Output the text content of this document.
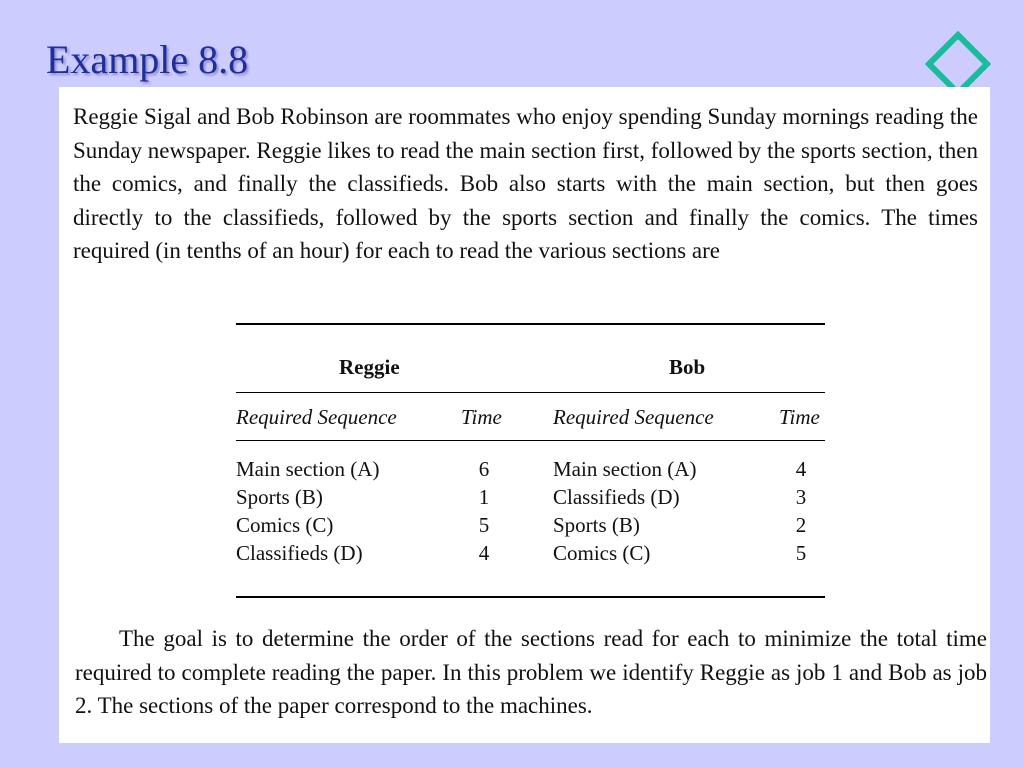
Example 8.8

Reggie Sigal and Bob Robinson are roommates who enjoy spending Sunday mornings reading the Sunday newspaper. Reggie likes to read the main section first, followed by the sports section, then the comics, and finally the classifieds. Bob also starts with the main section, but then goes directly to the classifieds, followed by the sports section and finally the comics. The times required (in tenths of an hour) for each to read the various sections are

Reggie	Bob
Required Sequence	Time Required Sequence	Time
Main section (A)	6	Main section (A)	4
Sports (B)	1	Classifieds (D)	3
Comics (C)	5	Sports (B)	2
Classifieds (D)	4	Comics (C)	5

The goal is to determine the order of the sections read for each to minimize the total time required to complete reading the paper. In this problem we identify Reggie as job 1 and Bob as job 2. The sections of the paper correspond to the machines.
